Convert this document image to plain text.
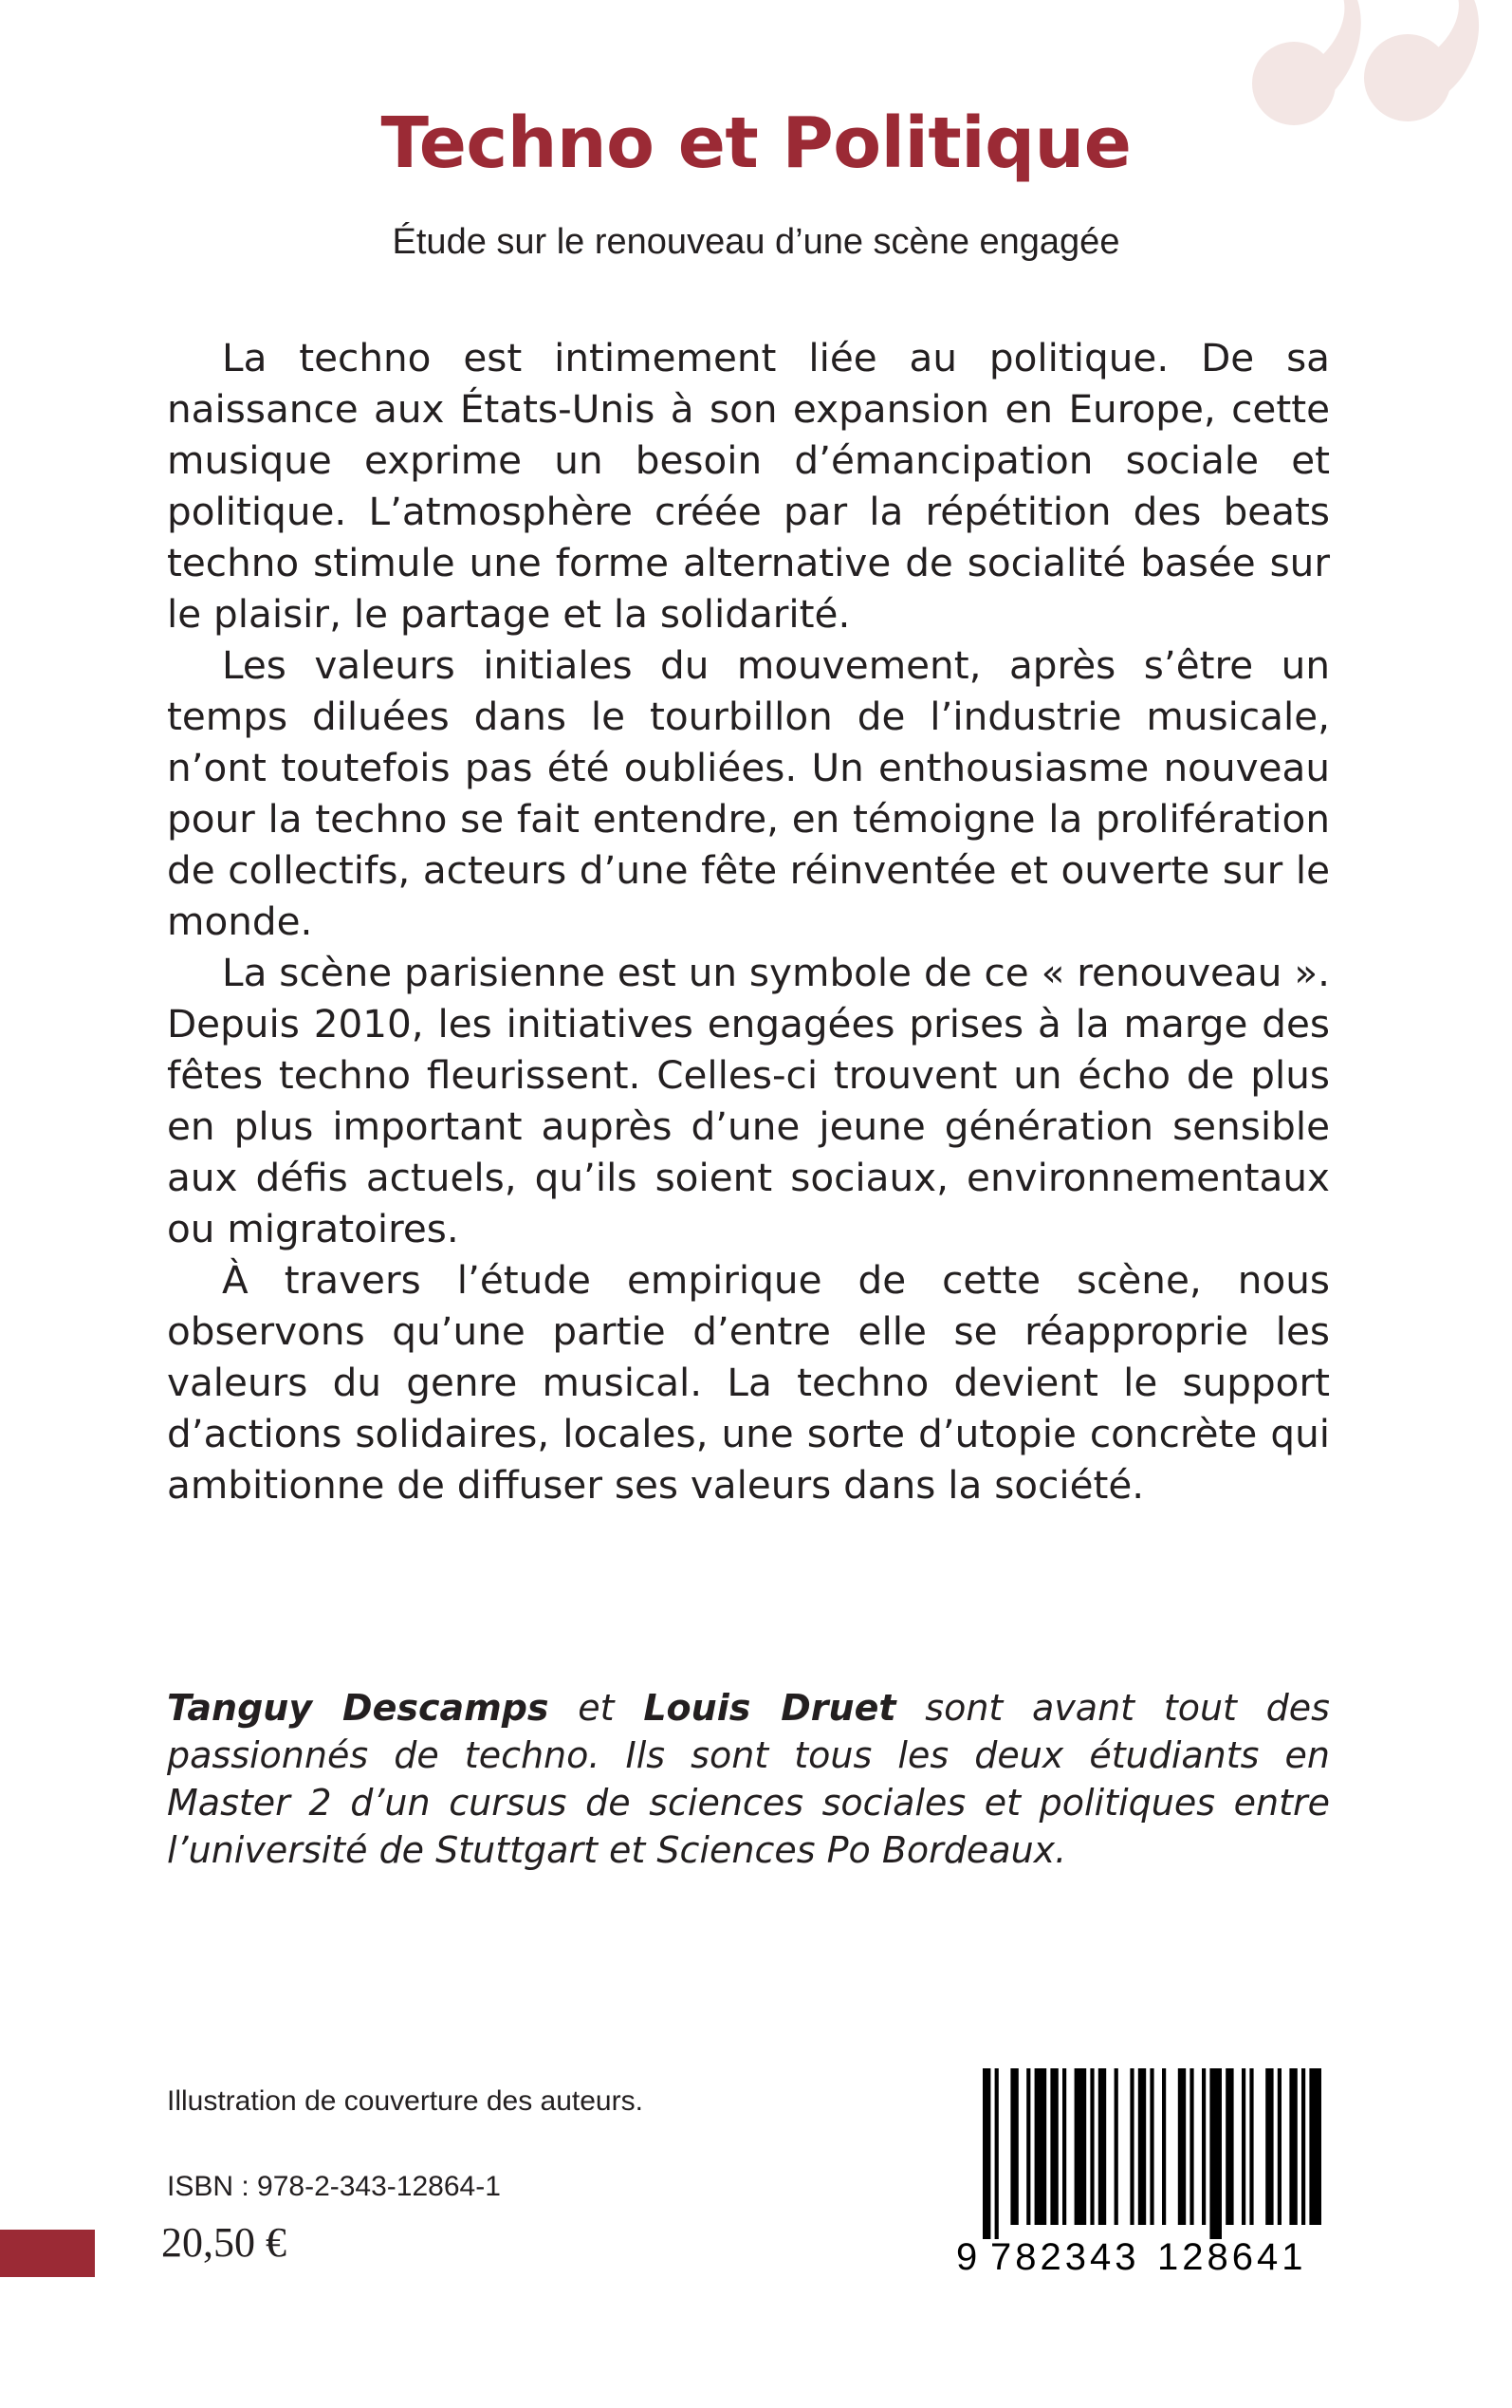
Techno et Politique

Étude sur le renouveau d’une scène engagée

La techno est intimement liée au politique. De sa naissance aux États-Unis à son expansion en Europe, cette musique exprime un besoin d’émancipation sociale et politique. L’atmosphère créée par la répétition des beats techno stimule une forme alternative de socialité basée sur le plaisir, le partage et la solidarité.

Les valeurs initiales du mouvement, après s’être un temps diluées dans le tourbillon de l’industrie musicale, n’ont toutefois pas été oubliées. Un enthousiasme nouveau pour la techno se fait entendre, en témoigne la prolifération de collectifs, acteurs d’une fête réinventée et ouverte sur le monde.

La scène parisienne est un symbole de ce « renouveau ». Depuis 2010, les initiatives engagées prises à la marge des fêtes techno fleurissent. Celles-ci trouvent un écho de plus en plus important auprès d’une jeune génération sensible aux défis actuels, qu’ils soient sociaux, environnementaux ou migratoires.

À travers l’étude empirique de cette scène, nous observons qu’une partie d’entre elle se réapproprie les valeurs du genre musical. La techno devient le support d’actions solidaires, locales, une sorte d’utopie concrète qui ambitionne de diffuser ses valeurs dans la société.

Tanguy Descamps et Louis Druet sont avant tout des passionnés de techno. Ils sont tous les deux étudiants en Master 2 d’un cursus de sciences sociales et politiques entre l’université de Stuttgart et Sciences Po Bordeaux.

Illustration de couverture des auteurs.

ISBN : 978-2-343-12864-1

20,50 €	9 782343 128641
